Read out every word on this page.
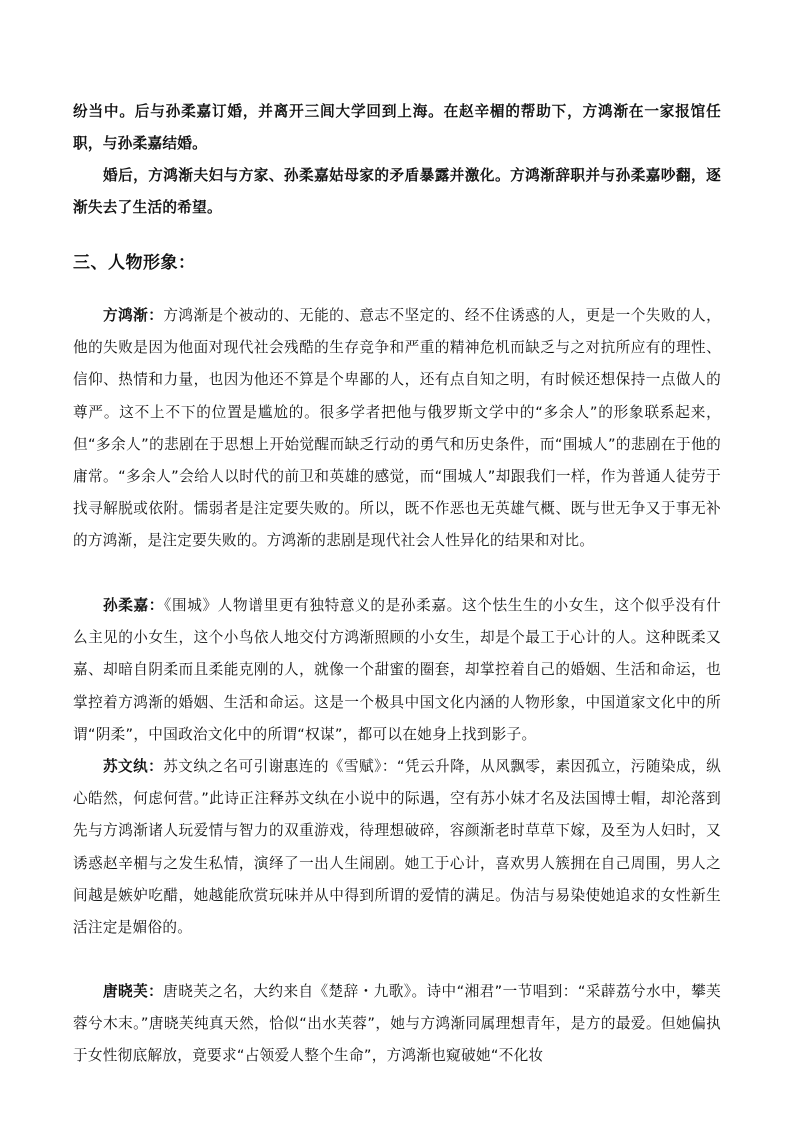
纷当中。后与孙柔嘉订婚，并离开三闾大学回到上海。在赵辛楣的帮助下，方鸿渐在一家报馆任职，与孙柔嘉结婚。

婚后，方鸿渐夫妇与方家、孙柔嘉姑母家的矛盾暴露并激化。方鸿渐辞职并与孙柔嘉吵翻，逐渐失去了生活的希望。

三、人物形象：

方鸿渐：方鸿渐是个被动的、无能的、意志不坚定的、经不住诱惑的人，更是一个失败的人，他的失败是因为他面对现代社会残酷的生存竞争和严重的精神危机而缺乏与之对抗所应有的理性、信仰、热情和力量，也因为他还不算是个卑鄙的人，还有点自知之明，有时候还想保持一点做人的尊严。这不上不下的位置是尴尬的。很多学者把他与俄罗斯文学中的“多余人”的形象联系起来，但“多余人”的悲剧在于思想上开始觉醒而缺乏行动的勇气和历史条件，而“围城人”的悲剧在于他的庸常。“多余人”会给人以时代的前卫和英雄的感觉，而“围城人”却跟我们一样，作为普通人徒劳于找寻解脱或依附。懦弱者是注定要失败的。所以，既不作恶也无英雄气概、既与世无争又于事无补的方鸿渐，是注定要失败的。方鸿渐的悲剧是现代社会人性异化的结果和对比。

孙柔嘉：《围城》人物谱里更有独特意义的是孙柔嘉。这个怯生生的小女生，这个似乎没有什么主见的小女生，这个小鸟依人地交付方鸿渐照顾的小女生，却是个最工于心计的人。这种既柔又嘉、却暗自阴柔而且柔能克刚的人，就像一个甜蜜的圈套，却掌控着自己的婚姻、生活和命运，也掌控着方鸿渐的婚姻、生活和命运。这是一个极具中国文化内涵的人物形象，中国道家文化中的所谓“阴柔”，中国政治文化中的所谓“权谋”，都可以在她身上找到影子。

苏文纨：苏文纨之名可引谢惠连的《雪赋》：“凭云升降，从风飘零，素因孤立，污随染成，纵心皓然，何虑何营。”此诗正注释苏文纨在小说中的际遇，空有苏小妹才名及法国博士帽，却沦落到先与方鸿渐诸人玩爱情与智力的双重游戏，待理想破碎，容颜渐老时草草下嫁，及至为人妇时，又诱惑赵辛楣与之发生私情，演绎了一出人生闹剧。她工于心计，喜欢男人簇拥在自己周围，男人之间越是嫉妒吃醋，她越能欣赏玩味并从中得到所谓的爱情的满足。伪洁与易染使她追求的女性新生活注定是媚俗的。

唐晓芙：唐晓芙之名，大约来自《楚辞・九歌》。诗中“湘君”一节唱到：“采薜荔兮水中，攀芙蓉兮木末。”唐晓芙纯真天然，恰似“出水芙蓉”，她与方鸿渐同属理想青年，是方的最爱。但她偏执于女性彻底解放，竟要求“占领爱人整个生命”，方鸿渐也窥破她“不化妆
